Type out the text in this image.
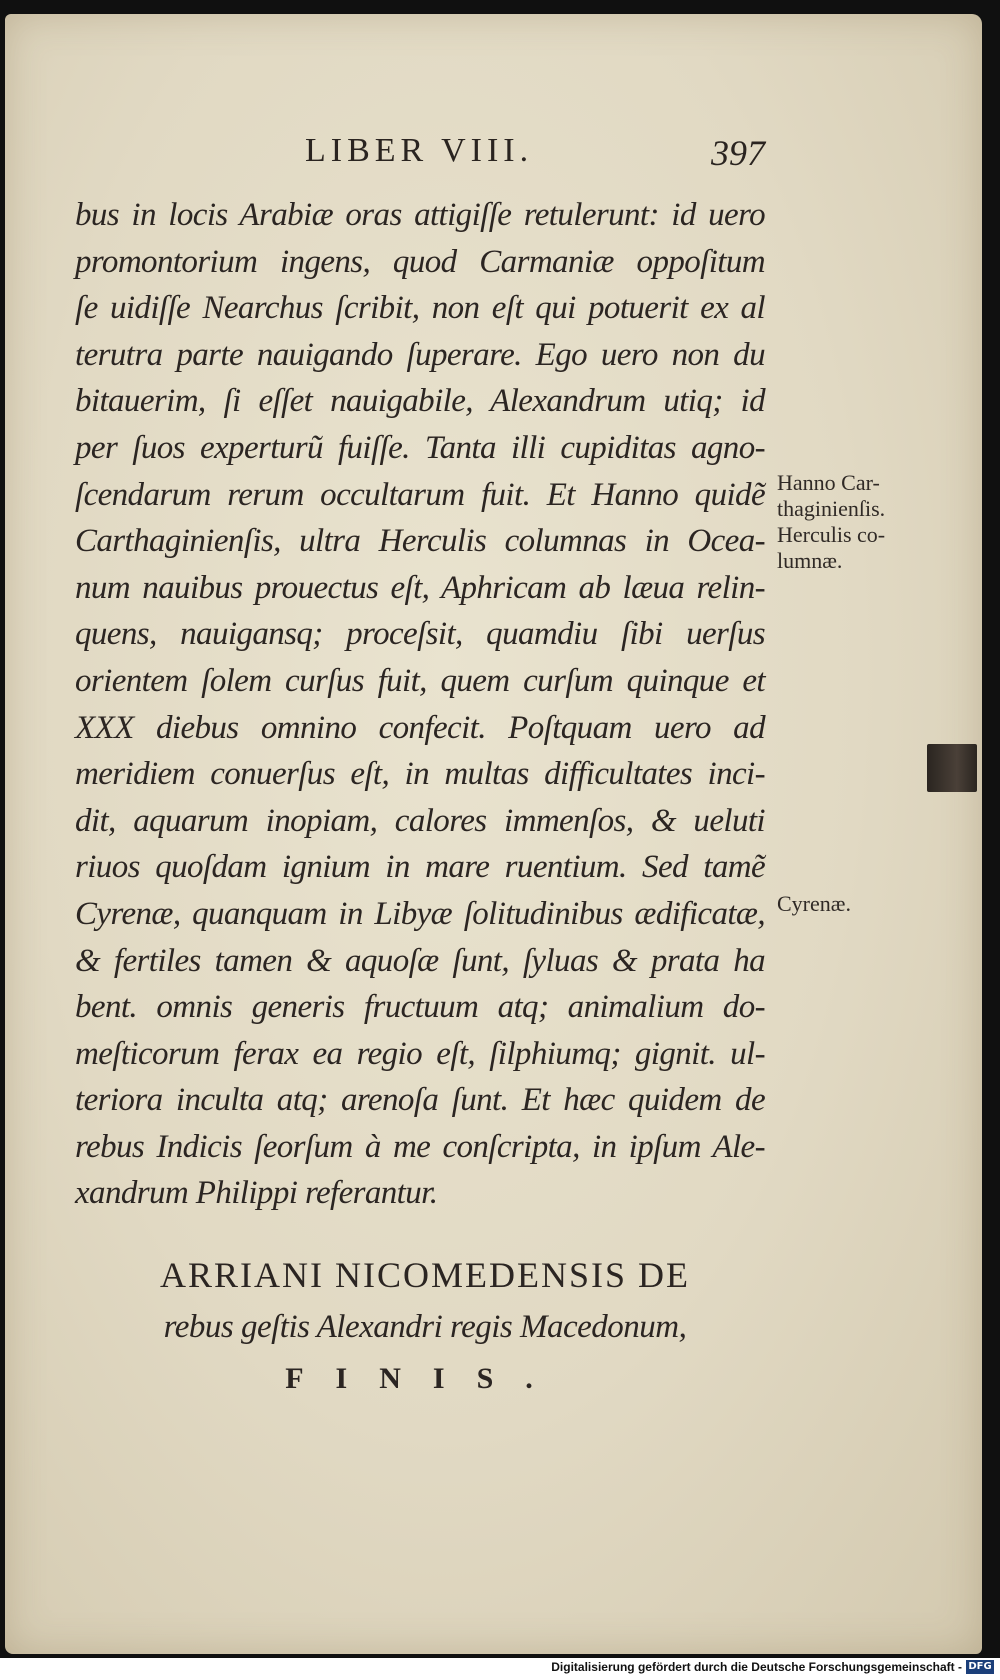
LIBER VIII.	397
bus in locis Arabiæ oras attigiſſe retulerunt: id uero
promontorium ingens, quod Carmaniæ oppoſitum
ſe uidiſſe Nearchus ſcribit, non eſt qui potuerit ex al
terutra parte nauigando ſuperare. Ego uero non du
bitauerim, ſi eſſet nauigabile, Alexandrum utiq; id
per ſuos experturũ fuiſſe. Tanta illi cupiditas agno-
ſcendarum rerum occultarum fuit. Et Hanno quidẽ
Carthaginienſis, ultra Herculis columnas in Ocea-
num nauibus prouectus eſt, Aphricam ab læua relin-
quens, nauigansq; proceſsit, quamdiu ſibi uerſus
orientem ſolem curſus fuit, quem curſum quinque et
XXX diebus omnino confecit. Poſtquam uero ad
meridiem conuerſus eſt, in multas difficultates inci-
dit, aquarum inopiam, calores immenſos, & ueluti
riuos quoſdam ignium in mare ruentium. Sed tamẽ
Cyrenæ, quanquam in Libyæ ſolitudinibus ædificatæ,
& fertiles tamen & aquoſæ ſunt, ſyluas & prata ha
bent. omnis generis fructuum atq; animalium do-
meſticorum ferax ea regio eſt, ſilphiumq; gignit. ul-
teriora inculta atq; arenoſa ſunt. Et hæc quidem de
rebus Indicis ſeorſum à me conſcripta, in ipſum Ale-
xandrum Philippi referantur.
Hanno Car-
thaginienſis.
Herculis co-
lumnæ.
Cyrenæ.
ARRIANI NICOMEDENSIS DE
rebus geſtis Alexandri regis Macedonum,
FINIS.
Digitalisierung gefördert durch die Deutsche Forschungsgemeinschaft - DFG
